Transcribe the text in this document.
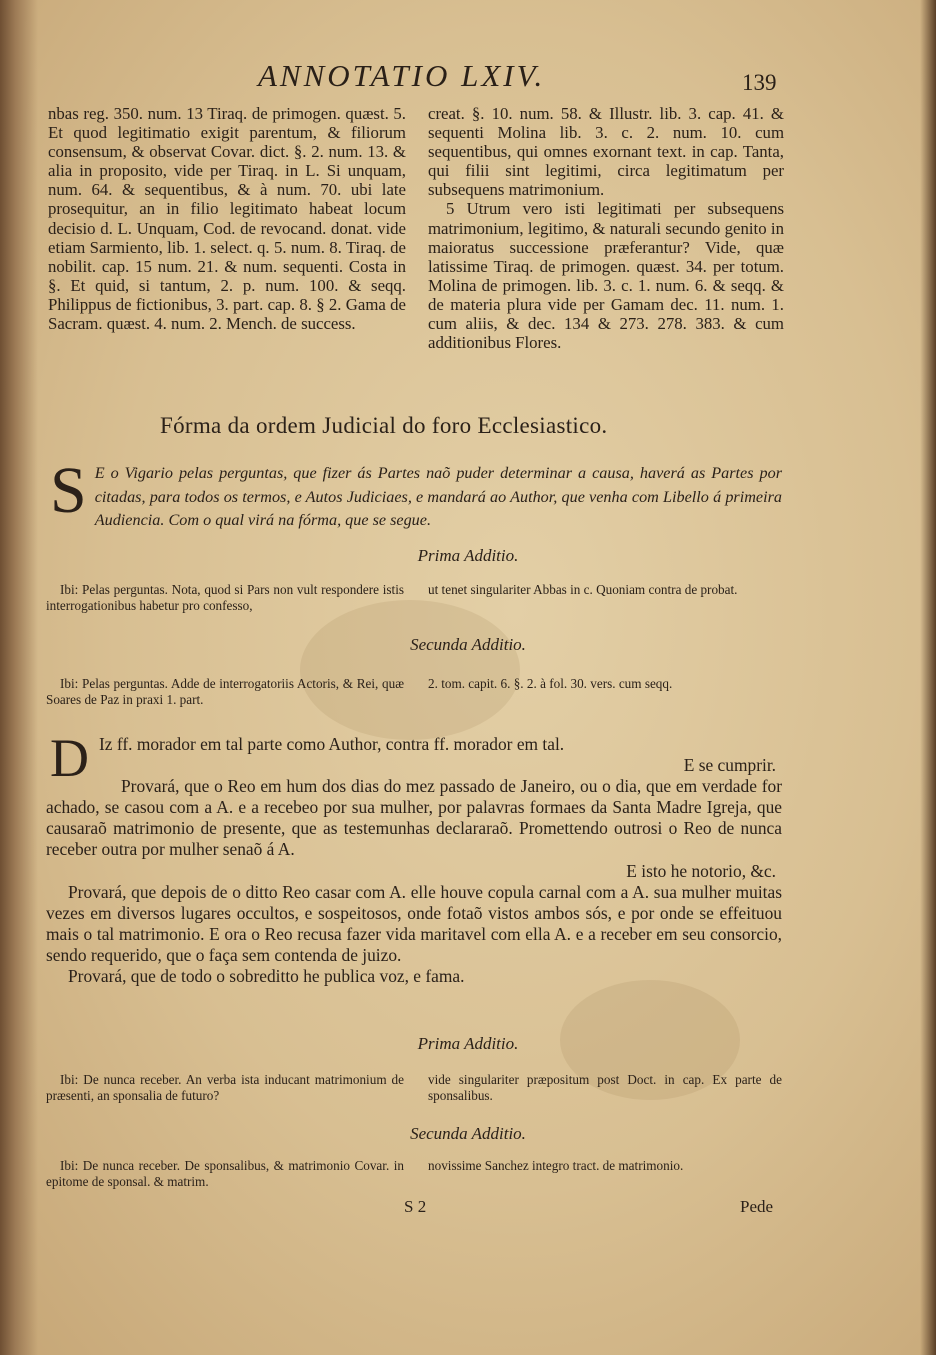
ANNOTATIO LXIV.	139

nbas reg. 350. num. 13 Tiraq. de primogen. quæst. 5. Et quod legitimatio exigit parentum, & filiorum consensum, & observat Covar. dict. §. 2. num. 13. & alia in proposito, vide per Tiraq. in L. Si unquam, num. 64. & sequentibus, & à num. 70. ubi late prosequitur, an in filio legitimato habeat locum decisio d. L. Unquam, Cod. de revocand. donat. vide etiam Sarmiento, lib. 1. select. q. 5. num. 8. Tiraq. de nobilit. cap. 15 num. 21. & num. sequenti. Costa in §. Et quid, si tantum, 2. p. num. 100. & seqq. Philippus de fictionibus, 3. part. cap. 8. § 2. Gama de Sacram. quæst. 4. num. 2. Mench. de success.

creat. §. 10. num. 58. & Illustr. lib. 3. cap. 41. & sequenti Molina lib. 3. c. 2. num. 10. cum sequentibus, qui omnes exornant text. in cap. Tanta, qui filii sint legitimi, circa legitimatum per subsequens matrimonium.

5 Utrum vero isti legitimati per subsequens matrimonium, legitimo, & naturali secundo genito in maioratus successione præferantur? Vide, quæ latissime Tiraq. de primogen. quæst. 34. per totum. Molina de primogen. lib. 3. c. 1. num. 6. & seqq. & de materia plura vide per Gamam dec. 11. num. 1. cum aliis, & dec. 134 & 273. 278. 383. & cum additionibus Flores.

Fórma da ordem Judicial do foro Ecclesiastico.
S E o Vigario pelas perguntas, que fizer ás Partes naõ puder determinar a causa, haverá as Partes por citadas, para todos os termos, e Autos Judiciaes, e mandará ao Author, que venha com Libello á primeira Audiencia. Com o qual virá na fórma, que se segue.
Prima Additio.

Ibi: Pelas perguntas. Nota, quod si Pars non vult respondere istis interrogationibus habetur pro confesso,

ut tenet singulariter Abbas in c. Quoniam contra de probat.

Secunda Additio.

Ibi: Pelas perguntas. Adde de interrogatoriis Actoris, & Rei, quæ Soares de Paz in praxi 1. part.

2. tom. capit. 6. §. 2. à fol. 30. vers. cum seqq.

D Iz ff. morador em tal parte como Author, contra ff. morador em tal.

E se cumprir.

Provará, que o Reo em hum dos dias do mez passado de Janeiro, ou o dia, que em verdade for achado, se casou com a A. e a recebeo por sua mulher, por palavras formaes da Santa Madre Igreja, que causaraõ matrimonio de presente, que as testemunhas declararaõ. Promettendo outrosi o Reo de nunca receber outra por mulher senaõ á A.

E isto he notorio, &c.

Provará, que depois de o ditto Reo casar com A. elle houve copula carnal com a A. sua mulher muitas vezes em diversos lugares occultos, e sospeitosos, onde fotaõ vistos ambos sós, e por onde se effeituou mais o tal matrimonio. E ora o Reo recusa fazer vida maritavel com ella A. e a receber em seu consorcio, sendo requerido, que o faça sem contenda de juizo.

Provará, que de todo o sobreditto he publica voz, e fama.

Prima Additio.

Ibi: De nunca receber. An verba ista inducant matrimonium de præsenti, an sponsalia de futuro?

vide singulariter præpositum post Doct. in cap. Ex parte de sponsalibus.

Secunda Additio.

Ibi: De nunca receber. De sponsalibus, & matrimonio Covar. in epitome de sponsal. & matrim.

novissime Sanchez integro tract. de matrimonio.

S 2	Pede
